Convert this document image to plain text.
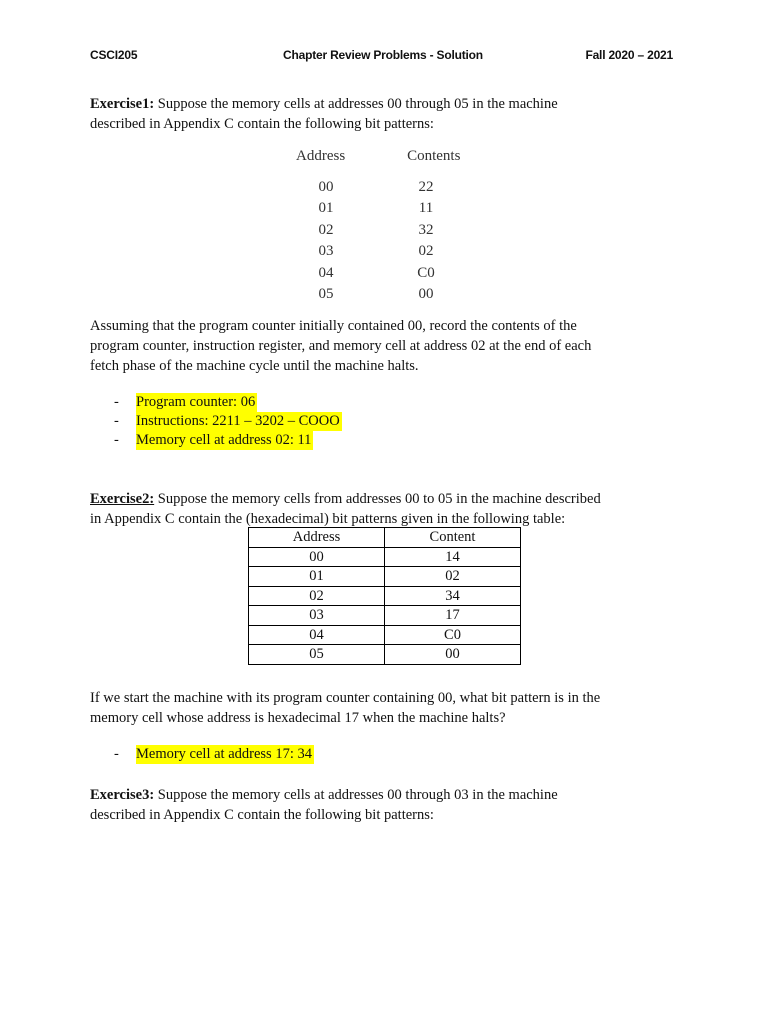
CSCI205	Chapter Review Problems - Solution	Fall 2020 – 2021
Exercise1: Suppose the memory cells at addresses 00 through 05 in the machine
described in Appendix C contain the following bit patterns:
Address	Contents
00	22
01	11
02	32
03	02
04	C0
05	00
Assuming that the program counter initially contained 00, record the contents of the
program counter, instruction register, and memory cell at address 02 at the end of each
fetch phase of the machine cycle until the machine halts.
-	Program counter: 06
-	Instructions: 2211 – 3202 – COOO
-	Memory cell at address 02: 11
Exercise2: Suppose the memory cells from addresses 00 to 05 in the machine described
in Appendix C contain the (hexadecimal) bit patterns given in the following table:
Address	Content
00	14
01	02
02	34
03	17
04	C0
05	00
If we start the machine with its program counter containing 00, what bit pattern is in the
memory cell whose address is hexadecimal 17 when the machine halts?
-	Memory cell at address 17: 34
Exercise3: Suppose the memory cells at addresses 00 through 03 in the machine
described in Appendix C contain the following bit patterns:
